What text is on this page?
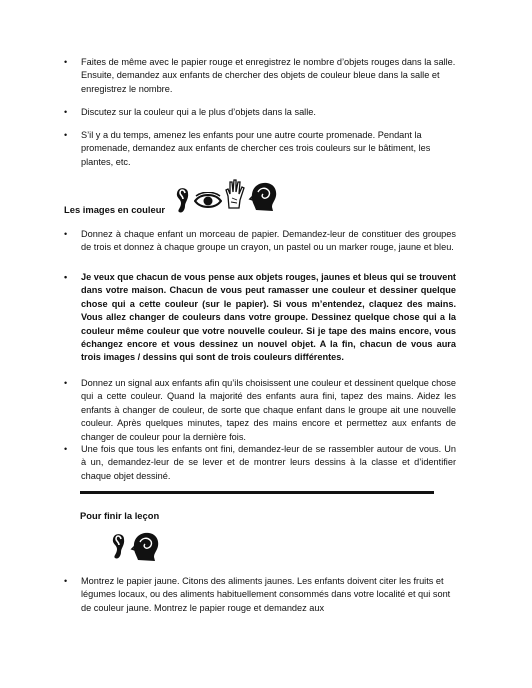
• Faites de même avec le papier rouge et enregistrez le nombre d’objets rouges dans la salle. Ensuite, demandez aux enfants de chercher des objets de couleur bleue dans la salle et enregistrez le nombre.
• Discutez sur la couleur qui a le plus d’objets dans la salle.
• S’il y a du temps, amenez les enfants pour une autre courte promenade. Pendant la promenade, demandez aux enfants de chercher ces trois couleurs sur le bâtiment, les plantes, etc.
Les images en couleur
• Donnez à chaque enfant un morceau de papier. Demandez-leur de constituer des groupes de trois et donnez à chaque groupe un crayon, un pastel ou un marker rouge, jaune et bleu.
• Je veux que chacun de vous pense aux objets rouges, jaunes et bleus qui se trouvent dans votre maison. Chacun de vous peut ramasser une couleur et dessiner quelque chose qui a cette couleur (sur le papier). Si vous m’entendez, claquez des mains. Vous allez changer de couleurs dans votre groupe. Dessinez quelque chose qui a la couleur même couleur que votre nouvelle couleur. Si je tape des mains encore, vous échangez encore et vous dessinez un nouvel objet. A la fin, chacun de vous aura trois images / dessins qui sont de trois couleurs différentes.
• Donnez un signal aux enfants afin qu’ils choisissent une couleur et dessinent quelque chose qui a cette couleur. Quand la majorité des enfants aura fini, tapez des mains. Aidez les enfants à changer de couleur, de sorte que chaque enfant dans le groupe ait une nouvelle couleur. Après quelques minutes, tapez des mains encore et permettez aux enfants de changer de couleur pour la dernière fois.
• Une fois que tous les enfants ont fini, demandez-leur de se rassembler autour de vous. Un à un, demandez-leur de se lever et de montrer leurs dessins à la classe et d’identifier chaque objet dessiné.
Pour finir la leçon
• Montrez le papier jaune. Citons des aliments jaunes. Les enfants doivent citer les fruits et légumes locaux, ou des aliments habituellement consommés dans votre localité et qui sont de couleur jaune. Montrez le papier rouge et demandez aux
